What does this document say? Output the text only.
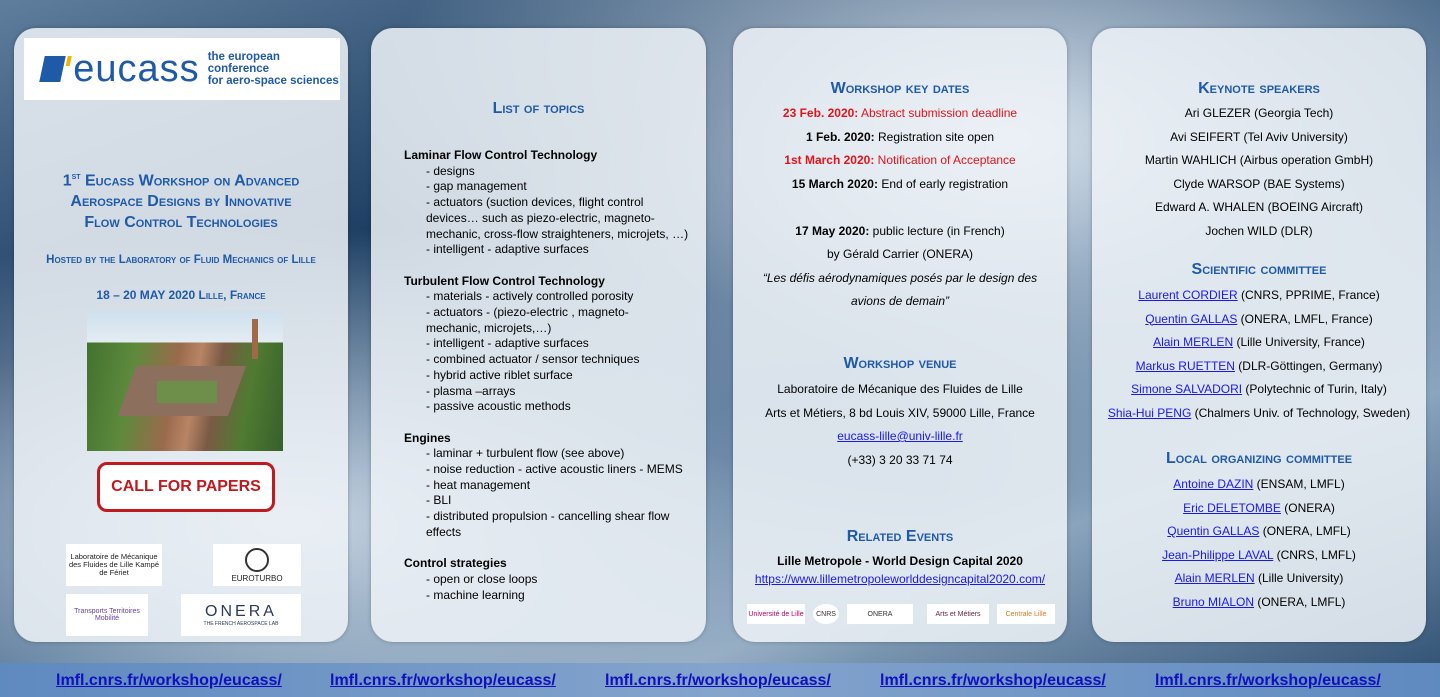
eucass the european conference
for aero-space sciences
1st Eucass Workshop on Advanced
Aerospace Designs by Innovative
Flow Control Technologies
Hosted by the Laboratory of Fluid Mechanics of Lille
18 – 20 MAY 2020 Lille, France
CALL FOR PAPERS
Laboratoire de Mécanique des Fluides de Lille Kampé de Fériet
EUROTURBO
Transports Territoires Mobilité	ONERA
THE FRENCH AEROSPACE LAB
List of topics
Laminar Flow Control Technology
- designs
- gap management
- actuators (suction devices, flight control
devices… such as piezo-electric, magneto-
mechanic, cross-flow straighteners, microjets, …)
- intelligent - adaptive surfaces
Turbulent Flow Control Technology
- materials - actively controlled porosity
- actuators - (piezo-electric , magneto-
mechanic, microjets,…)
- intelligent - adaptive surfaces
- combined actuator / sensor techniques
- hybrid active riblet surface
- plasma –arrays
- passive acoustic methods
Engines
- laminar + turbulent flow (see above)
- noise reduction - active acoustic liners - MEMS
- heat management
- BLI
- distributed propulsion - cancelling shear flow
effects
Control strategies
- open or close loops
- machine learning
Workshop key dates
23 Feb. 2020: Abstract submission deadline
1 Feb. 2020: Registration site open
1st March 2020: Notification of Acceptance
15 March 2020: End of early registration
17 May 2020: public lecture (in French)
by Gérald Carrier (ONERA)
“Les défis aérodynamiques posés par le design des
avions de demain”
Workshop venue
Laboratoire de Mécanique des Fluides de Lille
Arts et Métiers, 8 bd Louis XIV, 59000 Lille, France
eucass-lille@univ-lille.fr
(+33) 3 20 33 71 74
Related Events
Lille Metropole - World Design Capital 2020
https://www.lillemetropoleworlddesigncapital2020.com/
Université de Lille	CNRS	ONERA	Arts et Métiers	Centrale Lille
Keynote speakers
Ari GLEZER (Georgia Tech)
Avi SEIFERT (Tel Aviv University)
Martin WAHLICH (Airbus operation GmbH)
Clyde WARSOP (BAE Systems)
Edward A. WHALEN (BOEING Aircraft)
Jochen WILD (DLR)
Scientific committee
Laurent CORDIER (CNRS, PPRIME, France)
Quentin GALLAS (ONERA, LMFL, France)
Alain MERLEN (Lille University, France)
Markus RUETTEN (DLR-Göttingen, Germany)
Simone SALVADORI (Polytechnic of Turin, Italy)
Shia-Hui PENG (Chalmers Univ. of Technology, Sweden)
Local organizing committee
Antoine DAZIN (ENSAM, LMFL)
Eric DELETOMBE (ONERA)
Quentin GALLAS (ONERA, LMFL)
Jean-Philippe LAVAL (CNRS, LMFL)
Alain MERLEN (Lille University)
Bruno MIALON (ONERA, LMFL)
lmfl.cnrs.fr/workshop/eucass/	lmfl.cnrs.fr/workshop/eucass/	lmfl.cnrs.fr/workshop/eucass/	lmfl.cnrs.fr/workshop/eucass/	lmfl.cnrs.fr/workshop/eucass/
